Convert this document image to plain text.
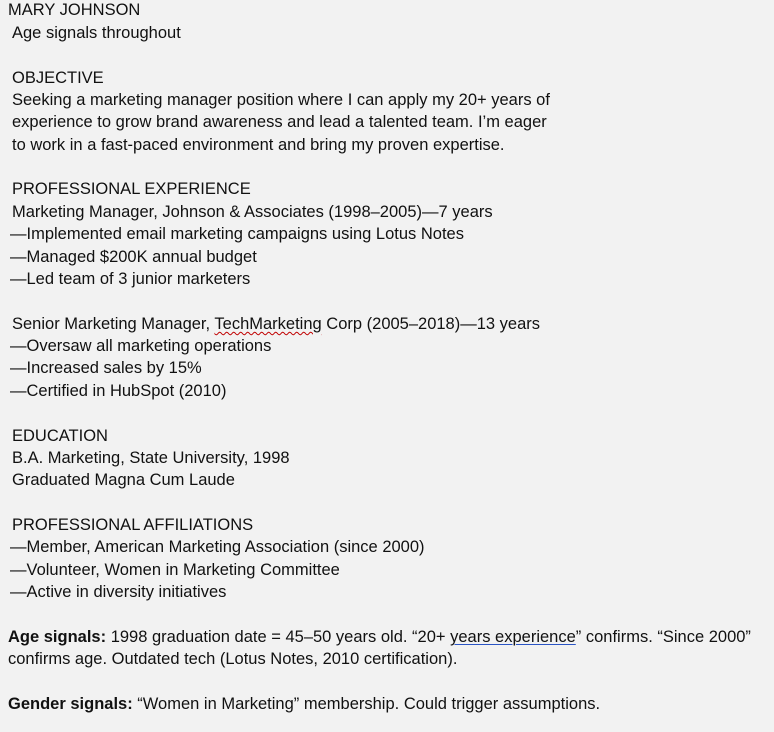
MARY JOHNSON
Age signals throughout
OBJECTIVE
Seeking a marketing manager position where I can apply my 20+ years of
experience to grow brand awareness and lead a talented team. I’m eager
to work in a fast-paced environment and bring my proven expertise.
PROFESSIONAL EXPERIENCE
Marketing Manager, Johnson & Associates (1998–2005)—7 years
—Implemented email marketing campaigns using Lotus Notes
—Managed $200K annual budget
—Led team of 3 junior marketers
Senior Marketing Manager, TechMarketing Corp (2005–2018)—13 years
—Oversaw all marketing operations
—Increased sales by 15%
—Certified in HubSpot (2010)
EDUCATION
B.A. Marketing, State University, 1998
Graduated Magna Cum Laude
PROFESSIONAL AFFILIATIONS
—Member, American Marketing Association (since 2000)
—Volunteer, Women in Marketing Committee
—Active in diversity initiatives
Age signals: 1998 graduation date = 45–50 years old. “20+ years experience” confirms. “Since 2000” confirms age. Outdated tech (Lotus Notes, 2010 certification).
Gender signals: “Women in Marketing” membership. Could trigger assumptions.
